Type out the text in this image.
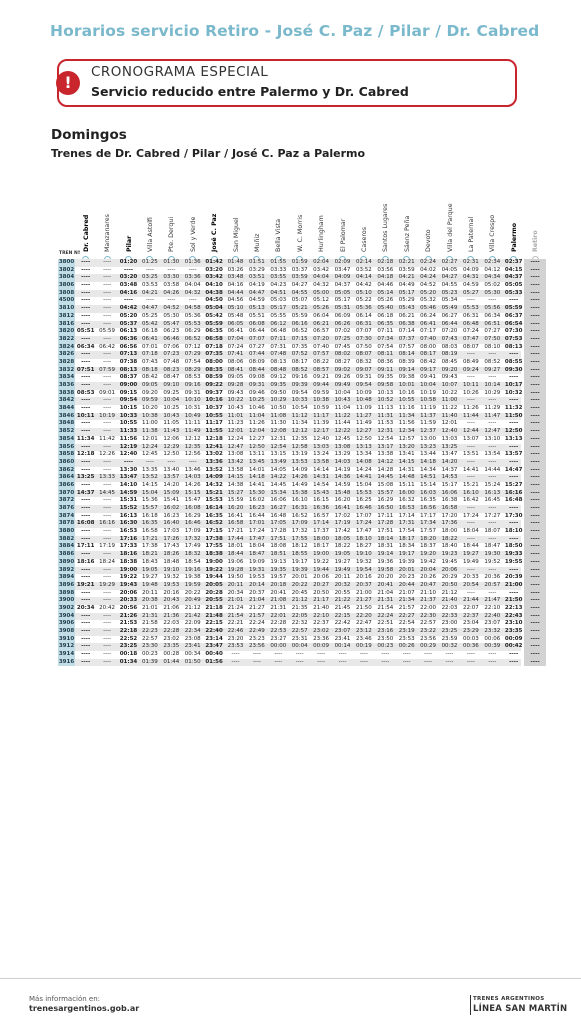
Horarios servicio Retiro - José C. Paz / Pilar / Dr. Cabred
!
CRONOGRAMA ESPECIAL
Servicio reducido entre Palermo y Dr. Cabred
Domingos
Trenes de Dr. Cabred / Pilar / José C. Paz a Palermo
Dr. Cabred Manzanares Pilar Villa Astolfi Pte. Derqui Sol y Verde José C. Paz San Miguel Muñiz Bella Vista W. C. Morris Hurlingham El Palomar Caseros Santos Lugares Sáenz Peña Devoto Villa del Parque La Paternal Villa Crespo Palermo Retiro
TREN Nº
3800	----	----	01:20 01:25	01:30	01:36 01:42 01:48	01:51	01:55	01:59	02:04	02:09	02:14	02:18	02:21	02:24	02:27	02:31	02:34 02:37	----
3802	----	----	----	----	----	----	03:20 03:26	03:29	03:33	03:37	03:42	03:47	03:52	03:56	03:59	04:02	04:05	04:09	04:12 04:15	----
3804	----	----	03:20 03:25	03:30	03:36 03:42 03:48	03:51	03:55	03:59	04:04	04:09	04:14	04:18	04:21	04:24	04:27	04:31	04:34 04:37	----
3806	----	----	03:48 03:53	03:58	04:04 04:10 04:16	04:19	04:23	04:27	04:32	04:37	04:42	04:46	04:49	04:52	04:55	04:59	05:02 05:05	----
3808	----	----	04:16 04:21	04:26	04:32 04:38 04:44	04:47	04:51	04:55	05:00	05:05	05:10	05:14	05:17	05:20	05:23	05:27	05:30 05:33	----
4500	----	----	----	----	----	----	04:50 04:56	04:59	05:03	05:07	05:12	05:17	05:22	05:26	05:29	05:32	05:34	----	----	----	----
3810	----	----	04:42 04:47	04:52	04:58 05:04 05:10	05:13	05:17	05:21	05:26	05:31	05:36	05:40	05:43	05:46	05:49	05:53	05:56 05:59	----
3812	----	----	05:20 05:25	05:30	05:36 05:42 05:48	05:51	05:55	05:59	06:04	06:09	06:14	06:18	06:21	06:24	06:27	06:31	06:34 06:37	----
3816	----	----	05:37 05:42	05:47	05:53 05:59 06:05	06:08	06:12	06:16	06:21	06:26	06:31	06:35	06:38	06:41	06:44	06:48	06:51 06:54	----
3820 05:51 05:59 06:13 06:18	06:23	06:29 06:35 06:41	06:44	06:48	06:52	06:57	07:02	07:07	07:11	07:14	07:17	07:20	07:24	07:27 07:30	----
3822	----	----	06:36 06:41	06:46	06:52 06:58 07:04	07:07	07:11	07:15	07:20	07:25	07:30	07:34	07:37	07:40	07:43	07:47	07:50 07:53	----
3824 06:34 06:42 06:56 07:01	07:06	07:12 07:18 07:24	07:27	07:31	07:35	07:40	07:45	07:50	07:54	07:57	08:00	08:03	08:07	08:10 08:13	----
3826	----	----	07:13 07:18	07:23	07:29 07:35 07:41	07:44	07:48	07:52	07:57	08:02	08:07	08:11	08:14	08:17	08:19	----	----	----	----
3828	----	----	07:38 07:43	07:48	07:54 08:00 08:06	08:09	08:13	08:17	08:22	08:27	08:32	08:36	08:39	08:42	08:45	08:49	08:52 08:55	----
3832 07:51 07:59 08:13 08:18	08:23	08:29 08:35 08:41	08:44	08:48	08:52	08:57	09:02	09:07	09:11	09:14	09:17	09:20	09:24	09:27 09:30	----
3834	----	----	08:37 08:42	08:47	08:53 08:59 09:05	09:08	09:12	09:16	09:21	09:26	09:31	09:35	09:38	09:41	09:43	----	----	----	----
3836	----	----	09:00 09:05	09:10	09:16 09:22 09:28	09:31	09:35	09:39	09:44	09:49	09:54	09:58	10:01	10:04	10:07	10:11	10:14 10:17	----
3838 08:53 09:01 09:15 09:20	09:25	09:31 09:37 09:43	09:46	09:50	09:54	09:59	10:04	10:09	10:13	10:16	10:19	10:22	10:26	10:29 10:32	----
3842	----	----	09:54 09:59	10:04	10:10 10:16 10:22	10:25	10:29	10:33	10:38	10:43	10:48	10:52	10:55	10:58	11:00	----	----	----	----
3844	----	----	10:15 10:20	10:25	10:31 10:37 10:43	10:46	10:50	10:54	10:59	11:04	11:09	11:13	11:16	11:19	11:22	11:26	11:29 11:32	----
3846 10:11 10:19 10:33 10:38	10:43	10:49 10:55 11:01	11:04	11:08	11:12	11:17	11:22	11:27	11:31	11:34	11:37	11:40	11:44	11:47 11:50	----
3848	----	----	10:55 11:00	11:05	11:11 11:17 11:23	11:26	11:30	11:34	11:39	11:44	11:49	11:53	11:56	11:59	12:01	----	----	----	----
3852	----	----	11:33 11:38	11:43	11:49 11:55 12:01	12:04	12:08	12:12	12:17	12:22	12:27	12:31	12:34	12:37	12:40	12:44	12:47 12:50	----
3854 11:34 11:42 11:56 12:01	12:06	12:12 12:18 12:24	12:27	12:31	12:35	12:40	12:45	12:50	12:54	12:57	13:00	13:03	13:07	13:10 13:13	----
3856	----	----	12:19 12:24	12:29	12:35 12:41 12:47	12:50	12:54	12:58	13:03	13:08	13:13	13:17	13:20	13:23	13:25	----	----	----	----
3858 12:18 12:26 12:40 12:45	12:50	12:56 13:02 13:08	13:11	13:15	13:19	13:24	13:29	13:34	13:38	13:41	13:44	13:47	13:51	13:54 13:57	----
3860	----	----	----	----	----	----	13:36 13:42	13:45	13:49	13:53	13:58	14:03	14:08	14:12	14:15	14:18	14:20	----	----	----	----
3862	----	----	13:30 13:35	13:40	13:46 13:52 13:58	14:01	14:05	14:09	14:14	14:19	14:24	14:28	14:31	14:34	14:37	14:41	14:44 14:47	----
3864 13:25 13:33 13:47 13:52	13:57	14:03 14:09 14:15	14:18	14:22	14:26	14:31	14:36	14:41	14:45	14:48	14:51	14:53	----	----	----	----
3866	----	----	14:10 14:15	14:20	14:26 14:32 14:38	14:41	14:45	14:49	14:54	14:59	15:04	15:08	15:11	15:14	15:17	15:21	15:24 15:27	----
3870 14:37 14:45 14:59 15:04	15:09	15:15 15:21 15:27	15:30	15:34	15:38	15:43	15:48	15:53	15:57	16:00	16:03	16:06	16:10	16:13 16:16	----
3872	----	----	15:31 15:36	15:41	15:47 15:53 15:59	16:02	16:06	16:10	16:15	16:20	16:25	16:29	16:32	16:35	16:38	16:42	16:45 16:48	----
3876	----	----	15:52 15:57	16:02	16:08 16:14 16:20	16:23	16:27	16:31	16:36	16:41	16:46	16:50	16:53	16:56	16:58	----	----	----	----
3874	----	----	16:13 16:18	16:23	16:29 16:35 16:41	16:44	16:48	16:52	16:57	17:02	17:07	17:11	17:14	17:17	17:20	17:24	17:27 17:30	----
3878 16:08 16:16 16:30 16:35	16:40	16:46 16:52 16:58	17:01	17:05	17:09	17:14	17:19	17:24	17:28	17:31	17:34	17:36	----	----	----	----
3880	----	----	16:53 16:58	17:03	17:09 17:15 17:21	17:24	17:28	17:32	17:37	17:42	17:47	17:51	17:54	17:57	18:00	18:04	18:07 18:10	----
3882	----	----	17:16 17:21	17:26	17:32 17:38 17:44	17:47	17:51	17:55	18:00	18:05	18:10	18:14	18:17	18:20	18:22	----	----	----	----
3884 17:11 17:19 17:33 17:38	17:43	17:49 17:55 18:01	18:04	18:08	18:12	18:17	18:22	18:27	18:31	18:34	18:37	18:40	18:44	18:47 18:50	----
3886	----	----	18:16 18:21	18:26	18:32 18:38 18:44	18:47	18:51	18:55	19:00	19:05	19:10	19:14	19:17	19:20	19:23	19:27	19:30 19:33	----
3890 18:16 18:24 18:38 18:43	18:48	18:54 19:00 19:06	19:09	19:13	19:17	19:22	19:27	19:32	19:36	19:39	19:42	19:45	19:49	19:52 19:55	----
3892	----	----	19:00 19:05	19:10	19:16 19:22 19:28	19:31	19:35	19:39	19:44	19:49	19:54	19:58	20:01	20:04	20:06	----	----	----	----
3894	----	----	19:22 19:27	19:32	19:38 19:44 19:50	19:53	19:57	20:01	20:06	20:11	20:16	20:20	20:23	20:26	20:29	20:33	20:36 20:39	----
3896 19:21 19:29 19:43 19:48	19:53	19:59 20:05 20:11	20:14	20:18	20:22	20:27	20:32	20:37	20:41	20:44	20:47	20:50	20:54	20:57 21:00	----
3898	----	----	20:06 20:11	20:16	20:22 20:28 20:34	20:37	20:41	20:45	20:50	20:55	21:00	21:04	21:07	21:10	21:12	----	----	----	----
3900	----	----	20:33 20:38	20:43	20:49 20:55 21:01	21:04	21:08	21:12	21:17	21:22	21:27	21:31	21:34	21:37	21:40	21:44	21:47 21:50	----
3902 20:34 20:42 20:56 21:01	21:06	21:12 21:18 21:24	21:27	21:31	21:35	21:40	21:45	21:50	21:54	21:57	22:00	22:03	22:07	22:10 22:13	----
3904	----	----	21:26 21:31	21:36	21:42 21:48 21:54	21:57	22:01	22:05	22:10	22:15	22:20	22:24	22:27	22:30	22:33	22:37	22:40 22:43	----
3906	----	----	21:53 21:58	22:03	22:09 22:15 22:21	22:24	22:28	22:32	22:37	22:42	22:47	22:51	22:54	22:57	23:00	23:04	23:07 23:10	----
3908	----	----	22:18 22:23	22:28	22:34 22:40 22:46	22:49	22:53	22:57	23:02	23:07	23:12	23:16	23:19	23:22	23:25	23:29	23:32 23:35	----
3910	----	----	22:52 22:57	23:02	23:08 23:14 23:20	23:23	23:27	23:31	23:36	23:41	23:46	23:50	23:53	23:56	23:59	00:03	00:06 00:09	----
3912	----	----	23:25 23:30	23:35	23:41 23:47 23:53	23:56	00:00	00:04	00:09	00:14	00:19	00:23	00:26	00:29	00:32	00:36	00:39 00:42	----
3914	----	----	00:18 00:23	00:28	00:34 00:40	----	----	----	----	----	----	----	----	----	----	----	----	----	----	----
3916	----	----	01:34 01:39	01:44	01:50 01:56	----	----	----	----	----	----	----	----	----	----	----	----	----	----	----
Más información en:
trenesargentinos.gob.ar
TRENES ARGENTINOS
LÍNEA SAN MARTÍN
